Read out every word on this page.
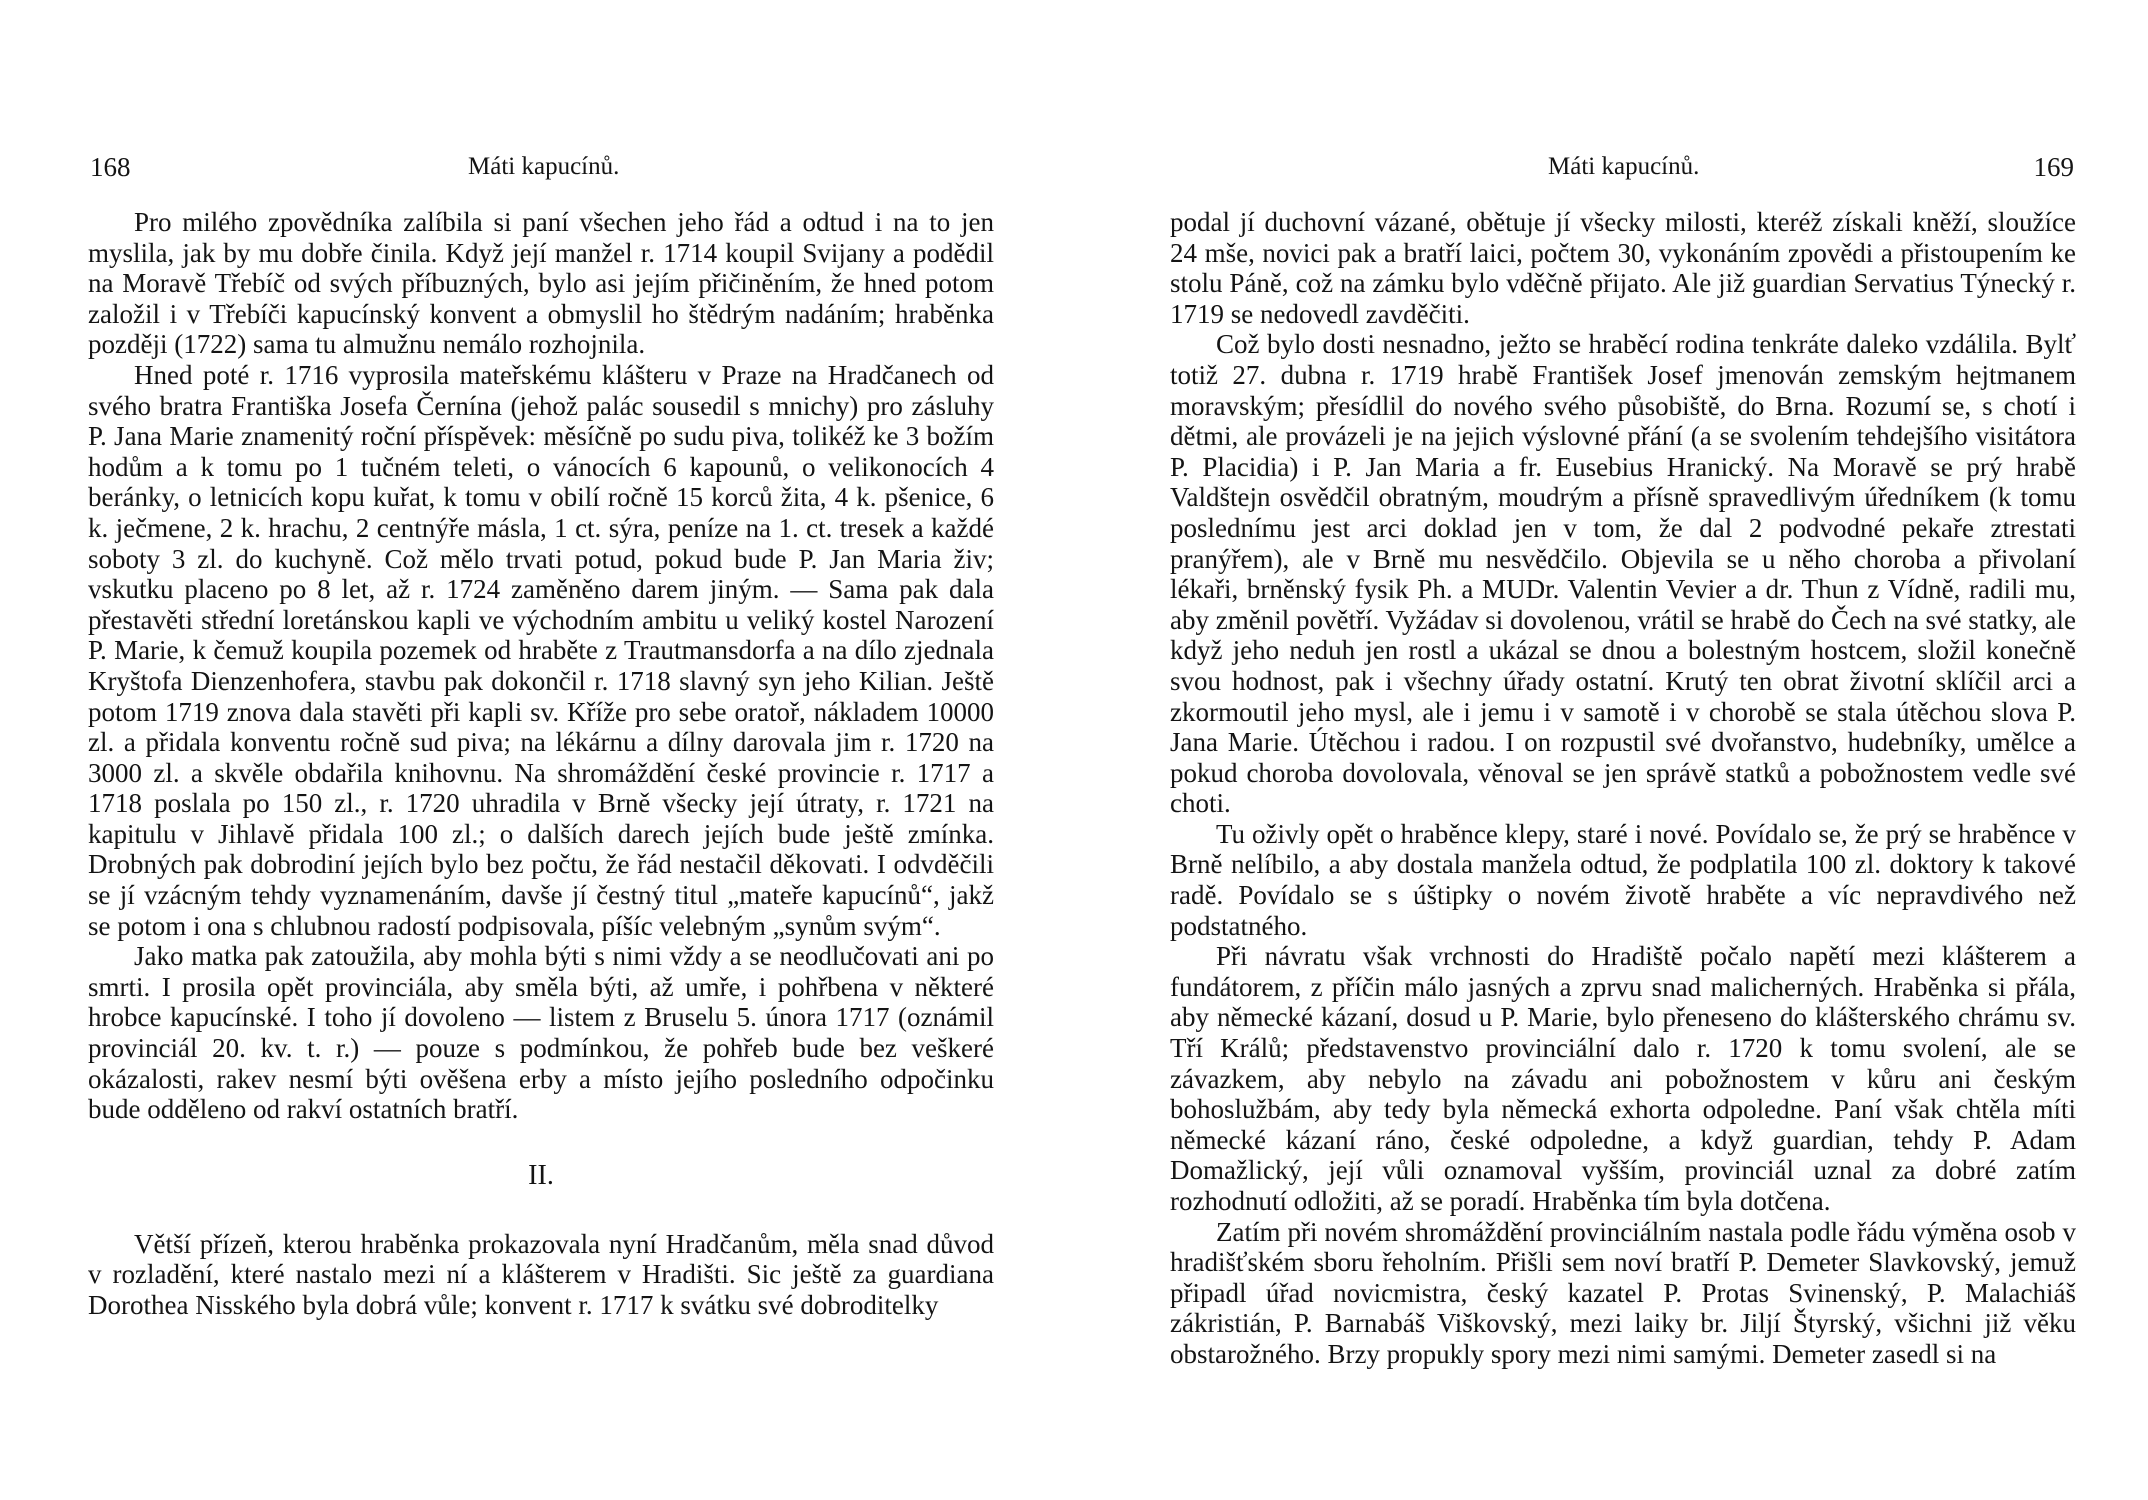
168	Máti kapucínů.

Pro milého zpovědníka zalíbila si paní všechen jeho řád a odtud i na to jen myslila, jak by mu dobře činila. Když její manžel r. 1714 koupil Svijany a podědil na Moravě Třebíč od svých příbuzných, bylo asi jejím přičiněním, že hned potom založil i v Třebíči kapucínský konvent a obmyslil ho štědrým nadáním; hraběnka později (1722) sama tu almužnu nemálo rozhojnila.

Hned poté r. 1716 vyprosila mateřskému klášteru v Praze na Hradčanech od svého bratra Františka Josefa Černína (jehož palác sousedil s mnichy) pro zásluhy P. Jana Marie znamenitý roční příspěvek: měsíčně po sudu piva, tolikéž ke 3 božím hodům a k tomu po 1 tučném teleti, o vánocích 6 kapounů, o velikonocích 4 beránky, o letnicích kopu kuřat, k tomu v obilí ročně 15 korců žita, 4 k. pšenice, 6 k. ječmene, 2 k. hrachu, 2 centnýře másla, 1 ct. sýra, peníze na 1. ct. tresek a každé soboty 3 zl. do kuchyně. Což mělo trvati potud, pokud bude P. Jan Maria živ; vskutku placeno po 8 let, až r. 1724 zaměněno darem jiným. — Sama pak dala přestavěti střední loretánskou kapli ve východním ambitu u veliký kostel Narození P. Marie, k čemuž koupila pozemek od hraběte z Trautmansdorfa a na dílo zjednala Kryštofa Dienzenhofera, stavbu pak dokončil r. 1718 slavný syn jeho Kilian. Ještě potom 1719 znova dala stavěti při kapli sv. Kříže pro sebe oratoř, nákladem 10000 zl. a přidala konventu ročně sud piva; na lékárnu a dílny darovala jim r. 1720 na 3000 zl. a skvěle obdařila knihovnu. Na shromáždění české provincie r. 1717 a 1718 poslala po 150 zl., r. 1720 uhradila v Brně všecky její útraty, r. 1721 na kapitulu v Jihlavě přidala 100 zl.; o dalších darech jejích bude ještě zmínka. Drobných pak dobrodiní jejích bylo bez počtu, že řád nestačil děkovati. I odvděčili se jí vzácným tehdy vyznamenáním, davše jí čestný titul „mateře kapucínů“, jakž se potom i ona s chlubnou radostí podpisovala, píšíc velebným „synům svým“.

Jako matka pak zatoužila, aby mohla býti s nimi vždy a se neodlučovati ani po smrti. I prosila opět provinciála, aby směla býti, až umře, i pohřbena v některé hrobce kapucínské. I toho jí dovoleno — listem z Bruselu 5. února 1717 (oznámil provinciál 20. kv. t. r.) — pouze s podmínkou, že pohřeb bude bez veškeré okázalosti, rakev nesmí býti ověšena erby a místo jejího posledního odpočinku bude odděleno od rakví ostatních bratří.

II.

Větší přízeň, kterou hraběnka prokazovala nyní Hradčanům, měla snad důvod v rozladění, které nastalo mezi ní a klášterem v Hradišti. Sic ještě za guardiana Dorothea Nisského byla dobrá vůle; konvent r. 1717 k svátku své dobroditelky

Máti kapucínů.	169

podal jí duchovní vázané, obětuje jí všecky milosti, kteréž získali kněží, sloužíce 24 mše, novici pak a bratří laici, počtem 30, vykonáním zpovědi a přistoupením ke stolu Páně, což na zámku bylo vděčně přijato. Ale již guardian Servatius Týnecký r. 1719 se nedovedl zavděčiti.

Což bylo dosti nesnadno, ježto se hraběcí rodina tenkráte daleko vzdálila. Bylť totiž 27. dubna r. 1719 hrabě František Josef jmenován zemským hejtmanem moravským; přesídlil do nového svého působiště, do Brna. Rozumí se, s chotí i dětmi, ale provázeli je na jejich výslovné přání (a se svolením tehdejšího visitátora P. Placidia) i P. Jan Maria a fr. Eusebius Hranický. Na Moravě se prý hrabě Valdštejn osvědčil obratným, moudrým a přísně spravedlivým úředníkem (k tomu poslednímu jest arci doklad jen v tom, že dal 2 podvodné pekaře ztrestati pranýřem), ale v Brně mu nesvědčilo. Objevila se u něho choroba a přivolaní lékaři, brněnský fysik Ph. a MUDr. Valentin Vevier a dr. Thun z Vídně, radili mu, aby změnil povětří. Vyžádav si dovolenou, vrátil se hrabě do Čech na své statky, ale když jeho neduh jen rostl a ukázal se dnou a bolestným hostcem, složil konečně svou hodnost, pak i všechny úřady ostatní. Krutý ten obrat životní sklíčil arci a zkormoutil jeho mysl, ale i jemu i v samotě i v chorobě se stala útěchou slova P. Jana Marie. Útěchou i radou. I on rozpustil své dvořanstvo, hudebníky, umělce a pokud choroba dovolovala, věnoval se jen správě statků a pobožnostem vedle své choti.

Tu oživly opět o hraběnce klepy, staré i nové. Povídalo se, že prý se hraběnce v Brně nelíbilo, a aby dostala manžela odtud, že podplatila 100 zl. doktory k takové radě. Povídalo se s úštipky o novém životě hraběte a víc nepravdivého než podstatného.

Při návratu však vrchnosti do Hradiště počalo napětí mezi klášterem a fundátorem, z příčin málo jasných a zprvu snad malicherných. Hraběnka si přála, aby německé kázaní, dosud u P. Marie, bylo přeneseno do klášterského chrámu sv. Tří Králů; představenstvo provinciální dalo r. 1720 k tomu svolení, ale se závazkem, aby nebylo na závadu ani pobožnostem v kůru ani českým bohoslužbám, aby tedy byla německá exhorta odpoledne. Paní však chtěla míti německé kázaní ráno, české odpoledne, a když guardian, tehdy P. Adam Domažlický, její vůli oznamoval vyšším, provinciál uznal za dobré zatím rozhodnutí odložiti, až se poradí. Hraběnka tím byla dotčena.

Zatím při novém shromáždění provinciálním nastala podle řádu výměna osob v hradišťském sboru řeholním. Přišli sem noví bratří P. Demeter Slavkovský, jemuž připadl úřad novicmistra, český kazatel P. Protas Svinenský, P. Malachiáš zákristián, P. Barnabáš Viškovský, mezi laiky br. Jiljí Štyrský, všichni již věku obstarožného. Brzy propukly spory mezi nimi samými. Demeter zasedl si na
